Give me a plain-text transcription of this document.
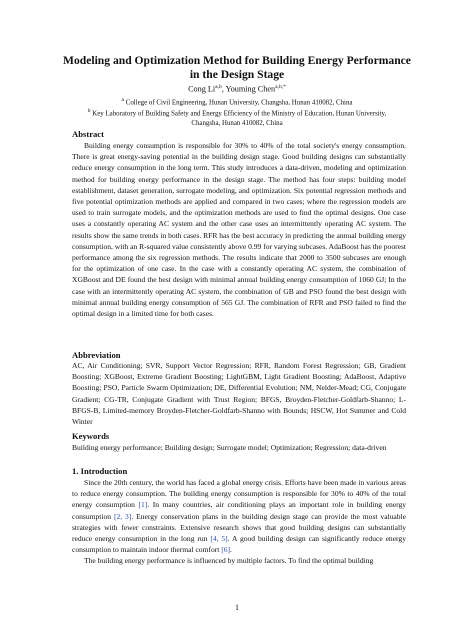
Modeling and Optimization Method for Building Energy Performance in the Design Stage
Cong Li$^{a,b}$, Youming Chen$^{a,b,*}$
$^a$ College of Civil Engineering, Hunan University, Changsha, Hunan 410082, China
$^b$ Key Laboratory of Building Safety and Energy Efficiency of the Ministry of Education, Hunan University,
Changsha, Hunan 410082, China
Abstract
Building energy consumption is responsible for 30% to 40% of the total society's energy consumption. There is great energy-saving potential in the building design stage. Good building designs can substantially reduce energy consumption in the long term. This study introduces a data-driven, modeling and optimization method for building energy performance in the design stage. The method has four steps: building model establishment, dataset generation, surrogate modeling, and optimization. Six potential regression methods and five potential optimization methods are applied and compared in two cases; where the regression models are used to train surrogate models, and the optimization methods are used to find the optimal designs. One case uses a constantly operating AC system and the other case uses an intermittently operating AC system. The results show the same trends in both cases. RFR has the best accuracy in predicting the annual building energy consumption, with an R-squared value consistently above 0.99 for varying subcases. AdaBoost has the poorest performance among the six regression methods. The results indicate that 2000 to 3500 subcases are enough for the optimization of one case. In the case with a constantly operating AC system, the combination of XGBoost and DE found the best design with minimal annual building energy consumption of 1060 GJ; In the case with an intermittently operating AC system, the combination of GB and PSO found the best design with minimal annual building energy consumption of 565 GJ. The combination of RFR and PSO failed to find the optimal design in a limited time for both cases.
Abbreviation
AC, Air Conditioning; SVR, Support Vector Regression; RFR, Random Forest Regression; GB, Gradient Boosting; XGBoost, Extreme Gradient Boosting; LightGBM, Light Gradient Boosting; AdaBoost, Adaptive Boosting; PSO, Particle Swarm Optimization; DE, Differential Evolution; NM, Nelder-Mead; CG, Conjugate Gradient; CG-TR, Conjugate Gradient with Trust Region; BFGS, Broyden-Fletcher-Goldfarb-Shanno; L-BFGS-B, Limited-memory Broyden-Fletcher-Goldfarb-Shanno with Bounds; HSCW, Hot Summer and Cold Winter
Keywords
Building energy performance; Building design; Surrogate model; Optimization; Regression; data-driven
1. Introduction

Since the 20th century, the world has faced a global energy crisis. Efforts have been made in various areas to reduce energy consumption. The building energy consumption is responsible for 30% to 40% of the total energy consumption [1]. In many countries, air conditioning plays an important role in building energy consumption [2, 3]. Energy conservation plans in the building design stage can provide the most valuable strategies with fewer constraints. Extensive research shows that good building designs can substantially reduce energy consumption in the long run [4, 5]. A good building design can significantly reduce energy consumption to maintain indoor thermal comfort [6].

The building energy performance is influenced by multiple factors. To find the optimal building

1
